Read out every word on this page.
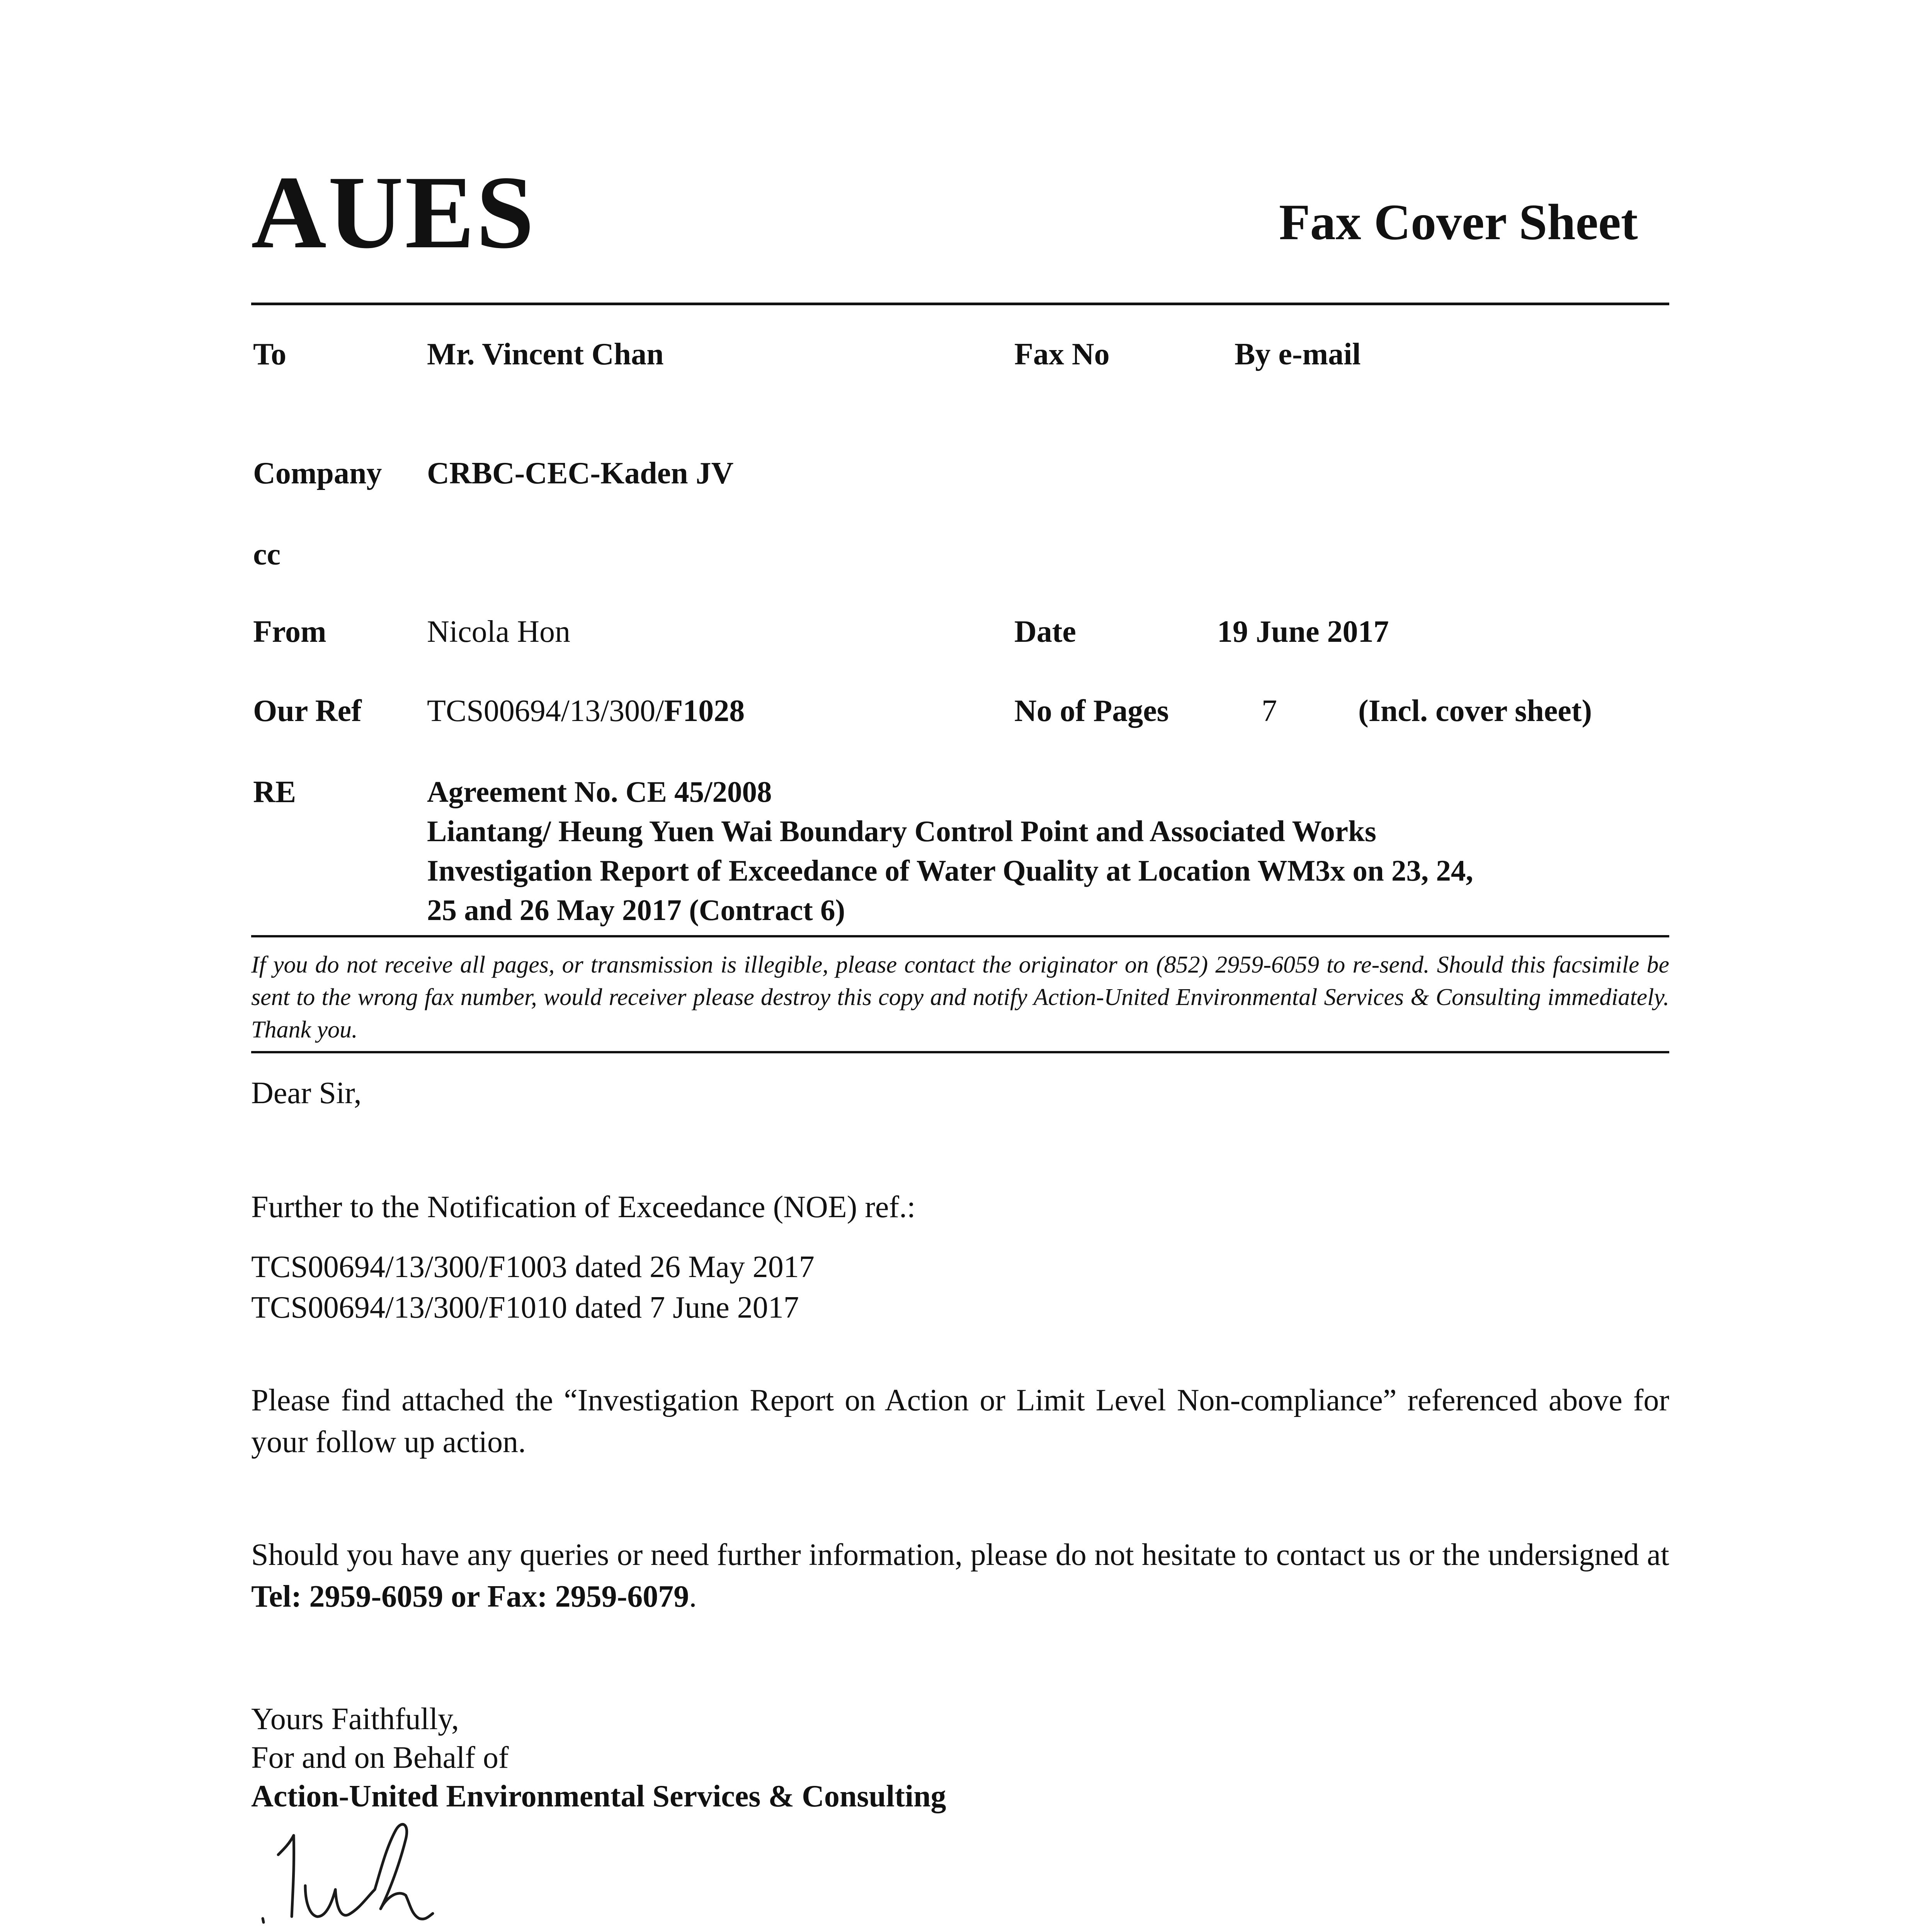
AUES	Fax Cover Sheet
To	Mr. Vincent Chan	Fax No	By e-mail
Company CRBC-CEC-Kaden JV
cc
From	Nicola Hon	Date	19 June 2017
Our Ref TCS00694/13/300/F1028	No of Pages	7	(Incl. cover sheet)
RE	Agreement No. CE 45/2008
Liantang/ Heung Yuen Wai Boundary Control Point and Associated Works
Investigation Report of Exceedance of Water Quality at Location WM3x on 23, 24,
25 and 26 May 2017 (Contract 6)
If you do not receive all pages, or transmission is illegible, please contact the originator on (852) 2959-6059 to re-send. Should this facsimile be sent to the wrong fax number, would receiver please destroy this copy and notify Action-United Environmental Services & Consulting immediately. Thank you.
Dear Sir,
Further to the Notification of Exceedance (NOE) ref.:
TCS00694/13/300/F1003 dated 26 May 2017
TCS00694/13/300/F1010 dated 7 June 2017
Please find attached the “Investigation Report on Action or Limit Level Non-compliance” referenced above for your follow up action.
Should you have any queries or need further information, please do not hesitate to contact us or the undersigned at Tel: 2959-6059 or Fax: 2959-6079.
Yours Faithfully,
For and on Behalf of
Action-United Environmental Services & Consulting
